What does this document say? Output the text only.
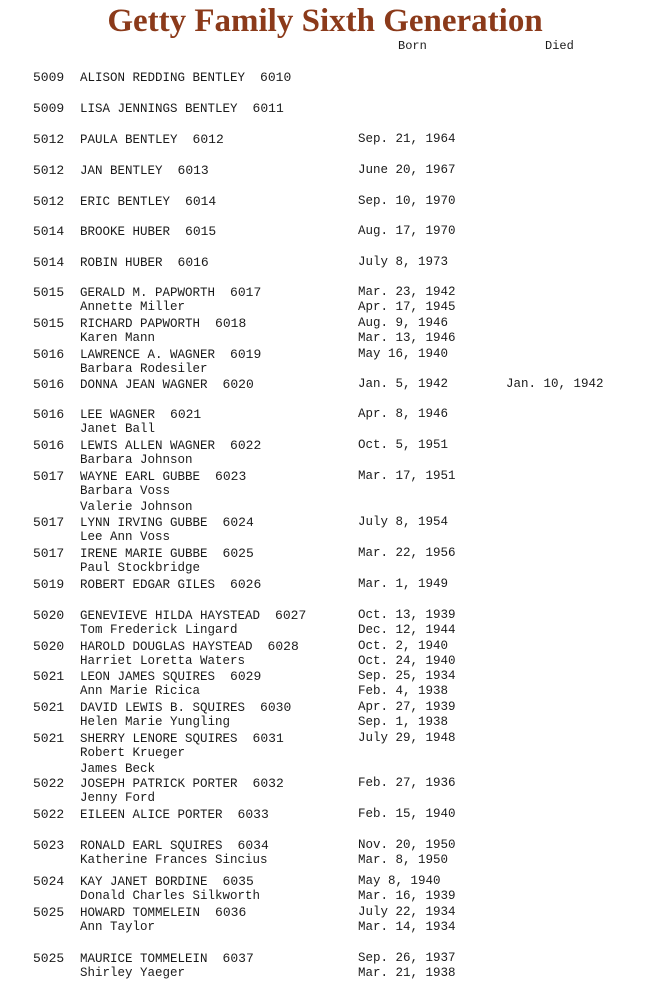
Getty Family Sixth Generation
Born	Died
5009 ALISON REDDING BENTLEY 6010
5009 LISA JENNINGS BENTLEY 6011
5012 PAULA BENTLEY 6012	Sep. 21, 1964
5012 JAN BENTLEY 6013	June 20, 1967
5012 ERIC BENTLEY 6014	Sep. 10, 1970
5014 BROOKE HUBER 6015	Aug. 17, 1970
5014 ROBIN HUBER 6016	July 8, 1973
5015 GERALD M. PAPWORTH 6017	Mar. 23, 1942
Annette Miller	Apr. 17, 1945
5015 RICHARD PAPWORTH 6018	Aug. 9, 1946
Karen Mann	Mar. 13, 1946
5016 LAWRENCE A. WAGNER 6019	May 16, 1940
Barbara Rodesiler
5016 DONNA JEAN WAGNER 6020	Jan. 5, 1942	Jan. 10, 1942
5016 LEE WAGNER 6021	Apr. 8, 1946
Janet Ball
5016 LEWIS ALLEN WAGNER 6022	Oct. 5, 1951
Barbara Johnson
5017 WAYNE EARL GUBBE 6023	Mar. 17, 1951
Barbara Voss
Valerie Johnson
5017 LYNN IRVING GUBBE 6024	July 8, 1954
Lee Ann Voss
5017 IRENE MARIE GUBBE 6025	Mar. 22, 1956
Paul Stockbridge
5019 ROBERT EDGAR GILES 6026	Mar. 1, 1949
5020 GENEVIEVE HILDA HAYSTEAD 6027	Oct. 13, 1939
Tom Frederick Lingard	Dec. 12, 1944
5020 HAROLD DOUGLAS HAYSTEAD 6028	Oct. 2, 1940
Harriet Loretta Waters	Oct. 24, 1940
5021 LEON JAMES SQUIRES 6029	Sep. 25, 1934
Ann Marie Ricica	Feb. 4, 1938
5021 DAVID LEWIS B. SQUIRES 6030	Apr. 27, 1939
Helen Marie Yungling	Sep. 1, 1938
5021 SHERRY LENORE SQUIRES 6031	July 29, 1948
Robert Krueger
James Beck
5022 JOSEPH PATRICK PORTER 6032	Feb. 27, 1936
Jenny Ford
5022 EILEEN ALICE PORTER 6033	Feb. 15, 1940
5023 RONALD EARL SQUIRES 6034	Nov. 20, 1950
Katherine Frances Sincius	Mar. 8, 1950
5024 KAY JANET BORDINE 6035	May 8, 1940
Donald Charles Silkworth	Mar. 16, 1939
5025 HOWARD TOMMELEIN 6036	July 22, 1934
Ann Taylor	Mar. 14, 1934
5025 MAURICE TOMMELEIN 6037	Sep. 26, 1937
Shirley Yaeger	Mar. 21, 1938
